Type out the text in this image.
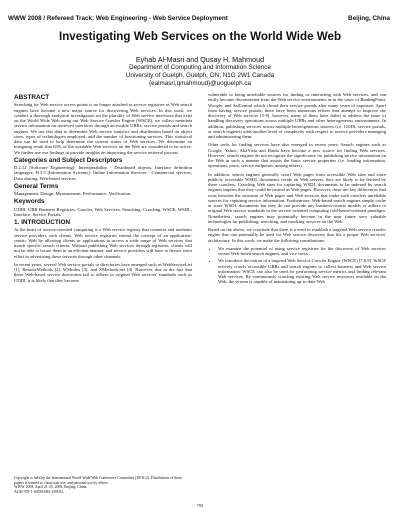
WWW 2008 / Refereed Track: Web Engineering - Web Service Deployment	Beijing, China
Investigating Web Services on the World Wide Web
Eyhab Al-Masri and Qusay H. Mahmoud
Department of Computing and Information Science
University of Guelph, Guelph, ON, N1G 2W1 Canada
{ealmasri,qmahmoud}@uoguelph.ca
ABSTRACT

Searching for Web service access points is no longer attached to service registries as Web search engines have become a new major source for discovering Web services. In this work, we conduct a thorough analytical investigation on the plurality of Web service interfaces that exist on the World Wide Web using our Web Service Crawler Engine (WSCE), we collect metadata service information on retrieved interfaces through accessible UBRs, service portals and search engines. We use this data to determine Web service statistics and distribution based on object sizes, types of technologies employed, and the number of functioning services. This statistical data can be used to help determine the current status of Web services. We determine an intriguing result that 63% of the available Web services on the Web are considered to be active. We further use our findings to provide insights on improving the service retrieval process.

Categories and Subject Descriptors

D.2.12 [Software Engineering]: Interoperability - Distributed objects, Interface definition languages; H.3.5 [Information Systems]: Online Information Services - Commercial services, Data sharing, Web-based services.

General Terms

Management, Design, Measurement, Performance, Verification.

Keywords

UDDI, UBR Business Registries, Crawler, Web Services, Searching, Crawling, WSCE, WSDL, Interface, Service Portals.

1. INTRODUCTION

At the heart of service-oriented computing is a Web service registry that connects and mediates service providers with clients. Web service registries extend the concept of an application-centric Web by allowing clients or applications to access a wide range of Web services that match specific search criteria. Without publishing Web services through registries, clients will not be able to locate them in an efficient manner, and service providers will have to devote extra effort in advertising these services through other channels.

In recent years, several Web service portals or directories have emerged such as WebServiceList [1], RemoteMethods [2], WSIndex [3], and XMethods.net [4]. However, due to the fact that these Web-based service directories fail to adhere to original Web services' standards such as UDDI, it is likely that they become

Copyright is held by the International World Wide Web Conference Committee (IW3C2). Distribution of these papers is limited to classroom use, and personal use by others.
WWW 2008, April 21-25, 2008, Beijing, China.
ACM 978-1-60558-085-2/08/04.

vulnerable to being unreliable sources for finding or interacting with Web services, and can easily become disconnected from the Web service environments as in the cases of BindingPoint, Woogle, and SalCentral which closed their service portals after many years of exposure. Apart from having service portals, there have been numerous efforts that attempt to improve the discovery of Web services [5-8], however, many of them have failed to address the issue of handling discovery operations across multiple UBRs and other heterogeneous environments. In addition, publishing services across multiple heterogeneous sources (i.e. UDDI, service portals, or search engines) adds another level of complexity with respect to service providers managing and administering them.

Other tools for finding services have also emerged in recent years: Search engines such as Google, Yahoo, AltaVista and Baidu have become a new source for finding Web services. However, search engines do not recognize the significance for publishing service information on the Web in such a manner that assists the basic service properties (i.e. binding information, operations, ports, service endpoints, among others).

In addition, search engines generally crawl Web pages from accessible Web sites and since publicly accessible WSDL documents reside on Web servers, they are likely to be fetched by these crawlers. Crawling Web sites for capturing WSDL documents to be indexed by search engines implies that they could be treated as Web pages. However, there are key differences that exist between the structure of Web pages and Web services that make such crawlers unreliable sources for capturing service information. Furthermore, Web-based search engines simply cache or store WSDL documents but they do not provide any business-centric models or adhere to original Web service standards in the service-oriented computing fold-based-oriented paradigm. Nonetheless, search engines may potentially become in the near future very valuable technologies for publishing, searching, and invoking services on the Web.

Based on the above, we conclude that there is a need to establish a targeted Web service crawler engine that can potentially be used for Web service discovery that fits a proper Web services' architecture. In this work, we make the following contributions:

• We examine the potential of using service registries for the discovery of Web services versus Web-based search engines, and vice versa.
• We introduce the notion of a targeted Web Service Crawler Engine (WSCE) [7,8,9]. WSCE actively crawls accessible UBRs and search engines to collect business and Web service information. WSCE can also be used for performing service metrics and finding relevant Web services. By continuously crawling existing Web service resources available on the Web, the system is capable of maintaining up-to-date Web
795
